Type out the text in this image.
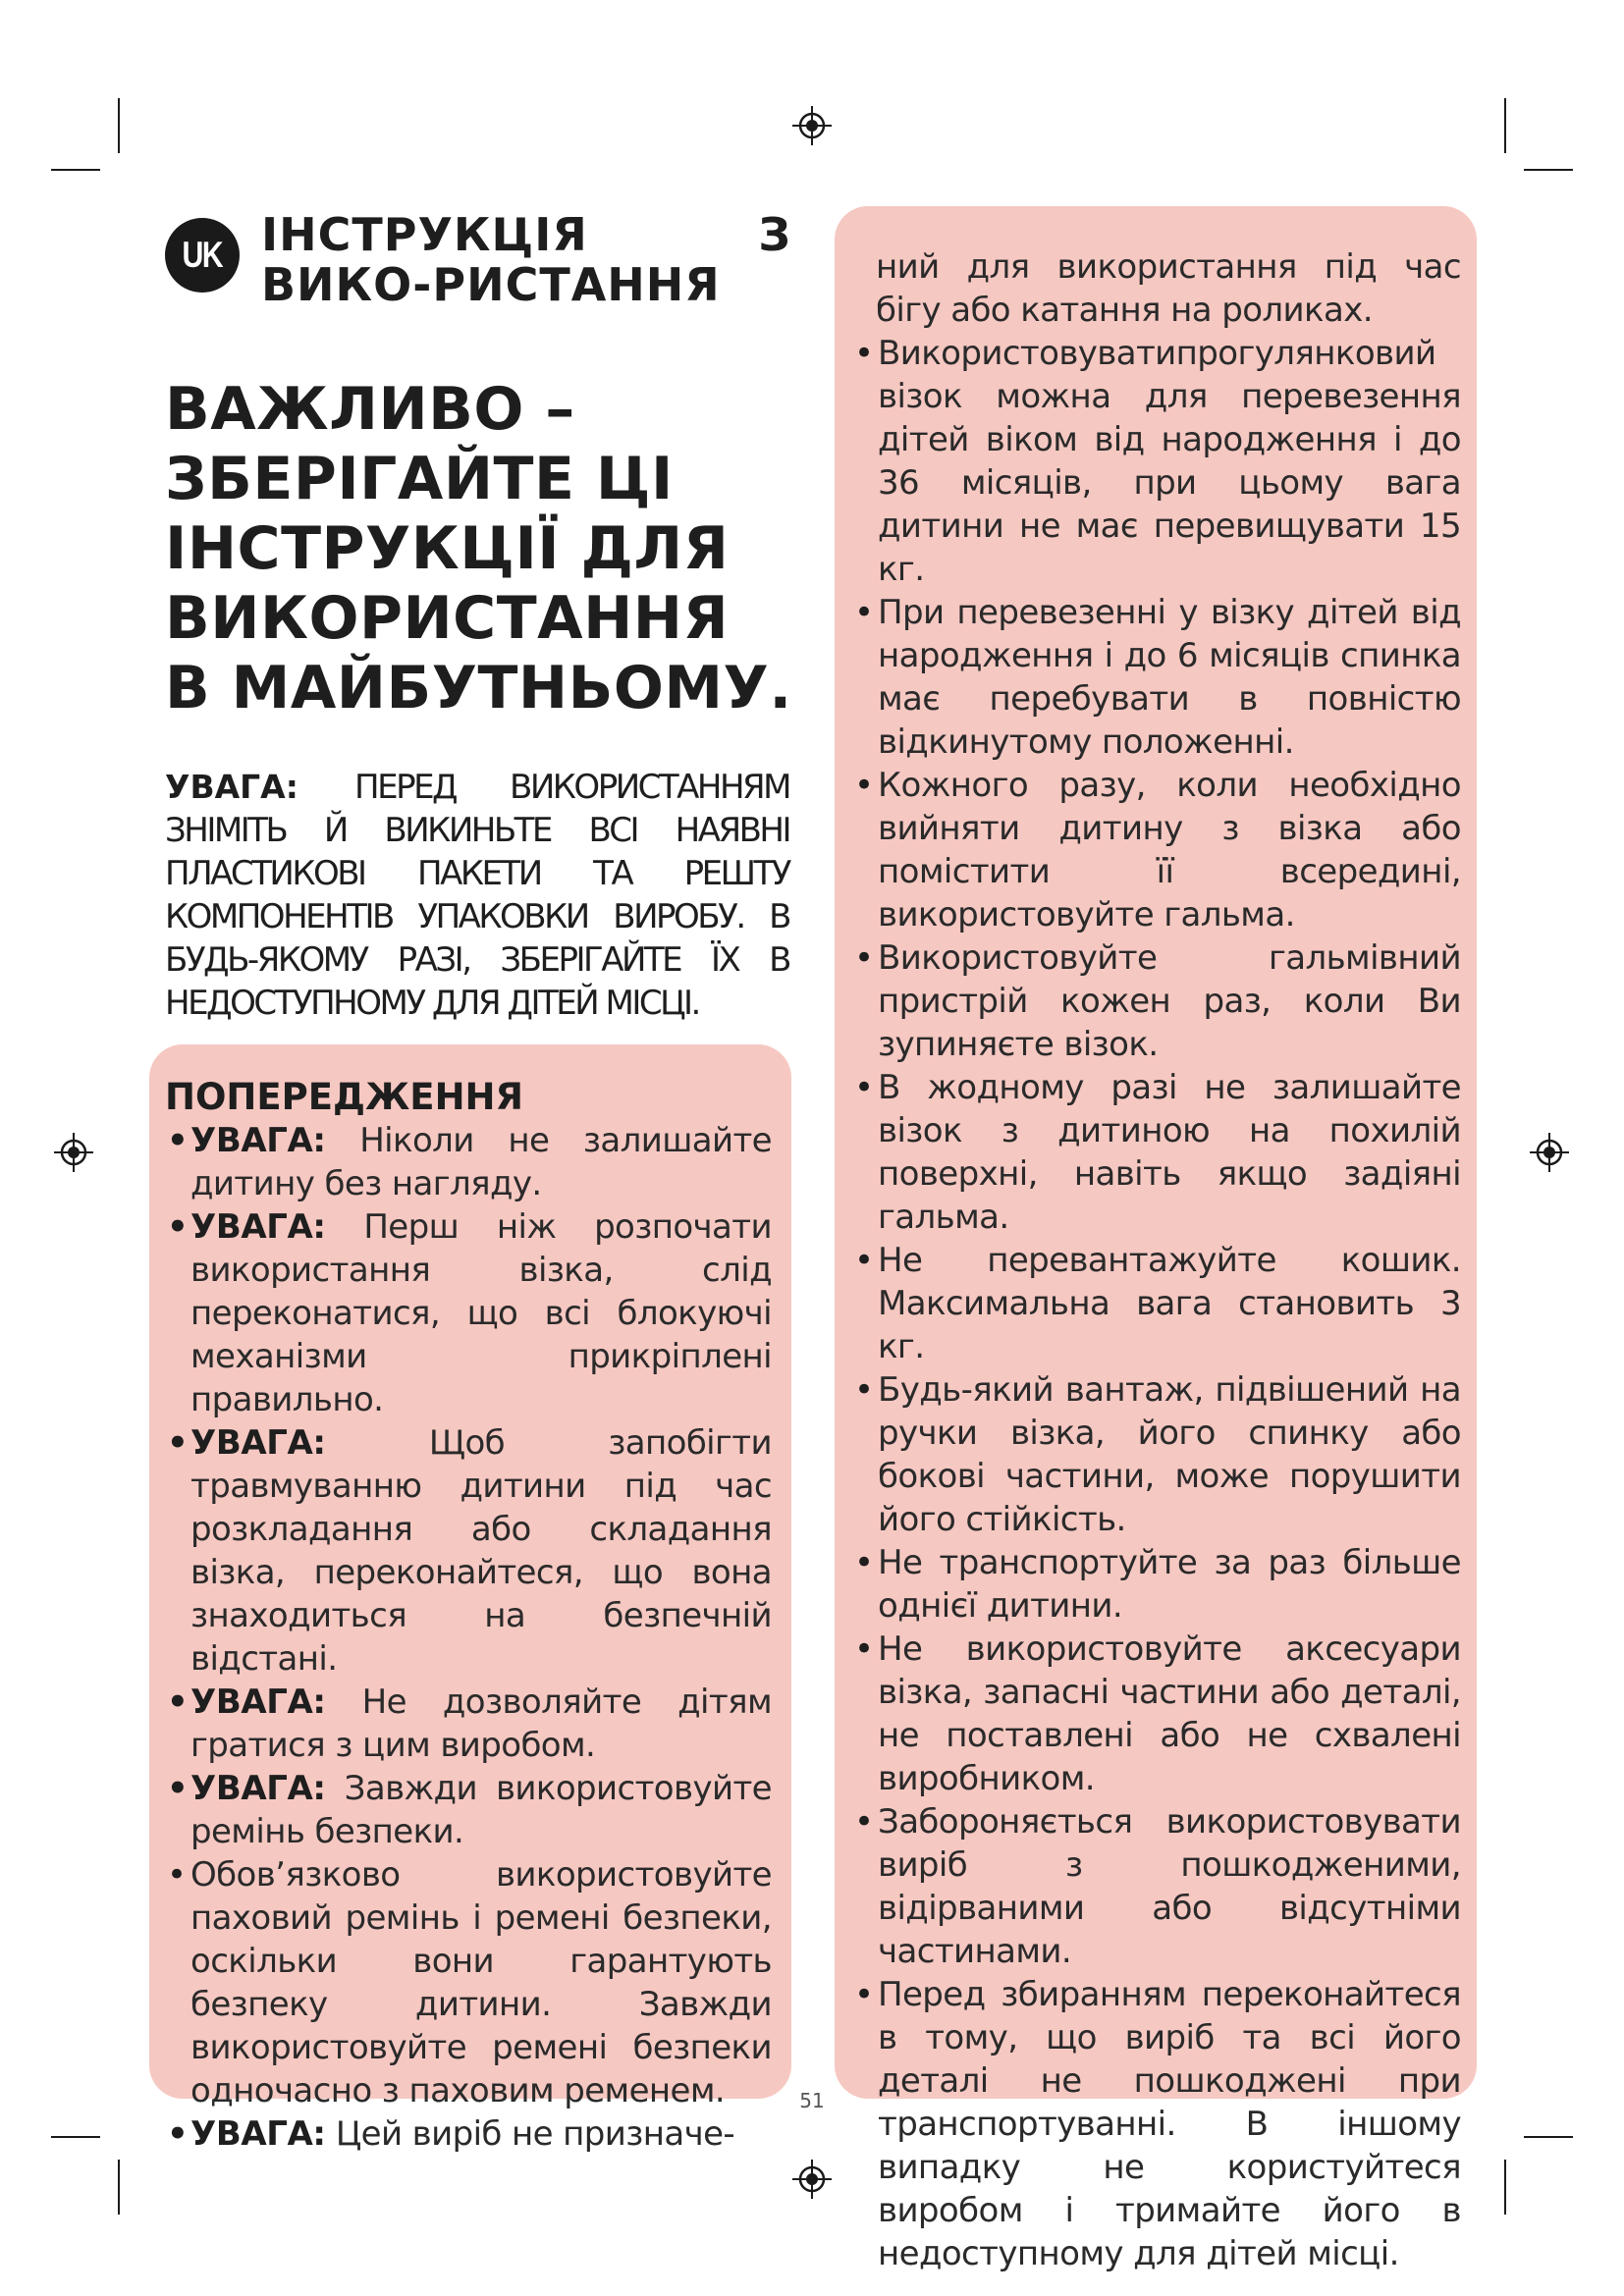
UK ІНСТРУКЦІЯ З ВИКО-РИСТАННЯ
ВАЖЛИВО – ЗБЕРІГАЙТЕ ЦІ ІНСТРУКЦІЇ ДЛЯ ВИКОРИСТАННЯ В МАЙБУТНЬОМУ.

УВАГА: ПЕРЕД ВИКОРИСТАННЯМ ЗНІМІТЬ Й ВИКИНЬТЕ ВСІ НАЯВНІ ПЛАСТИКОВІ ПАКЕТИ ТА РЕШТУ КОМПОНЕНТІВ УПАКОВКИ ВИРОБУ. В БУДЬ-ЯКОМУ РАЗІ, ЗБЕРІГАЙТЕ ЇХ В НЕДОСТУПНОМУ ДЛЯ ДІТЕЙ МІСЦІ.

ПОПЕРЕДЖЕННЯ
• УВАГА: Ніколи не залишайте дитину без нагляду.
• УВАГА: Перш ніж розпочати використання візка, слід переконатися, що всі блокуючі механізми прикріплені правильно.
• УВАГА:	Щоб запобігти травмуванню дитини під час розкладання або складання візка, переконайтеся, що вона знаходиться на безпечній відстані.
• УВАГА: Не дозволяйте дітям гратися з цим виробом.
• УВАГА: Завжди використовуйте ремінь безпеки.
• Обов’язково використовуйте паховий ремінь і ремені безпеки, оскільки вони гарантують безпеку дитини. Завжди використовуйте ремені безпеки одночасно з паховим ременем.
• УВАГА: Цей виріб не призначе-
ний для використання під час бігу або катання на роликах.
• Використовуватипрогулянковий візок можна для перевезення дітей віком від народження і до 36 місяців, при цьому вага дитини не має перевищувати 15 кг.
• При перевезенні у візку дітей від народження і до 6 місяців спинка має перебувати в повністю відкинутому положенні.
• Кожного разу, коли необхідно вийняти дитину з візка або помістити її всередині, використовуйте гальма.
• Використовуйте гальмівний пристрій кожен раз, коли Ви зупиняєте візок.
• В жодному разі не залишайте візок з дитиною на похилій поверхні, навіть якщо задіяні гальма.
• Не перевантажуйте кошик. Максимальна вага становить 3 кг.
• Будь-який вантаж, підвішений на ручки візка, його спинку або бокові частини, може порушити його стійкість.
• Не транспортуйте за раз більше однієї дитини.
• Не використовуйте аксесуари візка, запасні частини або деталі, не поставлені або не схвалені виробником.
• Забороняється використовувати виріб з пошкодженими, відірваними або відсутніми частинами.
• Перед збиранням переконайтеся в тому, що виріб та всі його деталі не пошкоджені при транспортуванні. В іншому випадку не користуйтеся виробом і тримайте його в недоступному для дітей місці.
51
